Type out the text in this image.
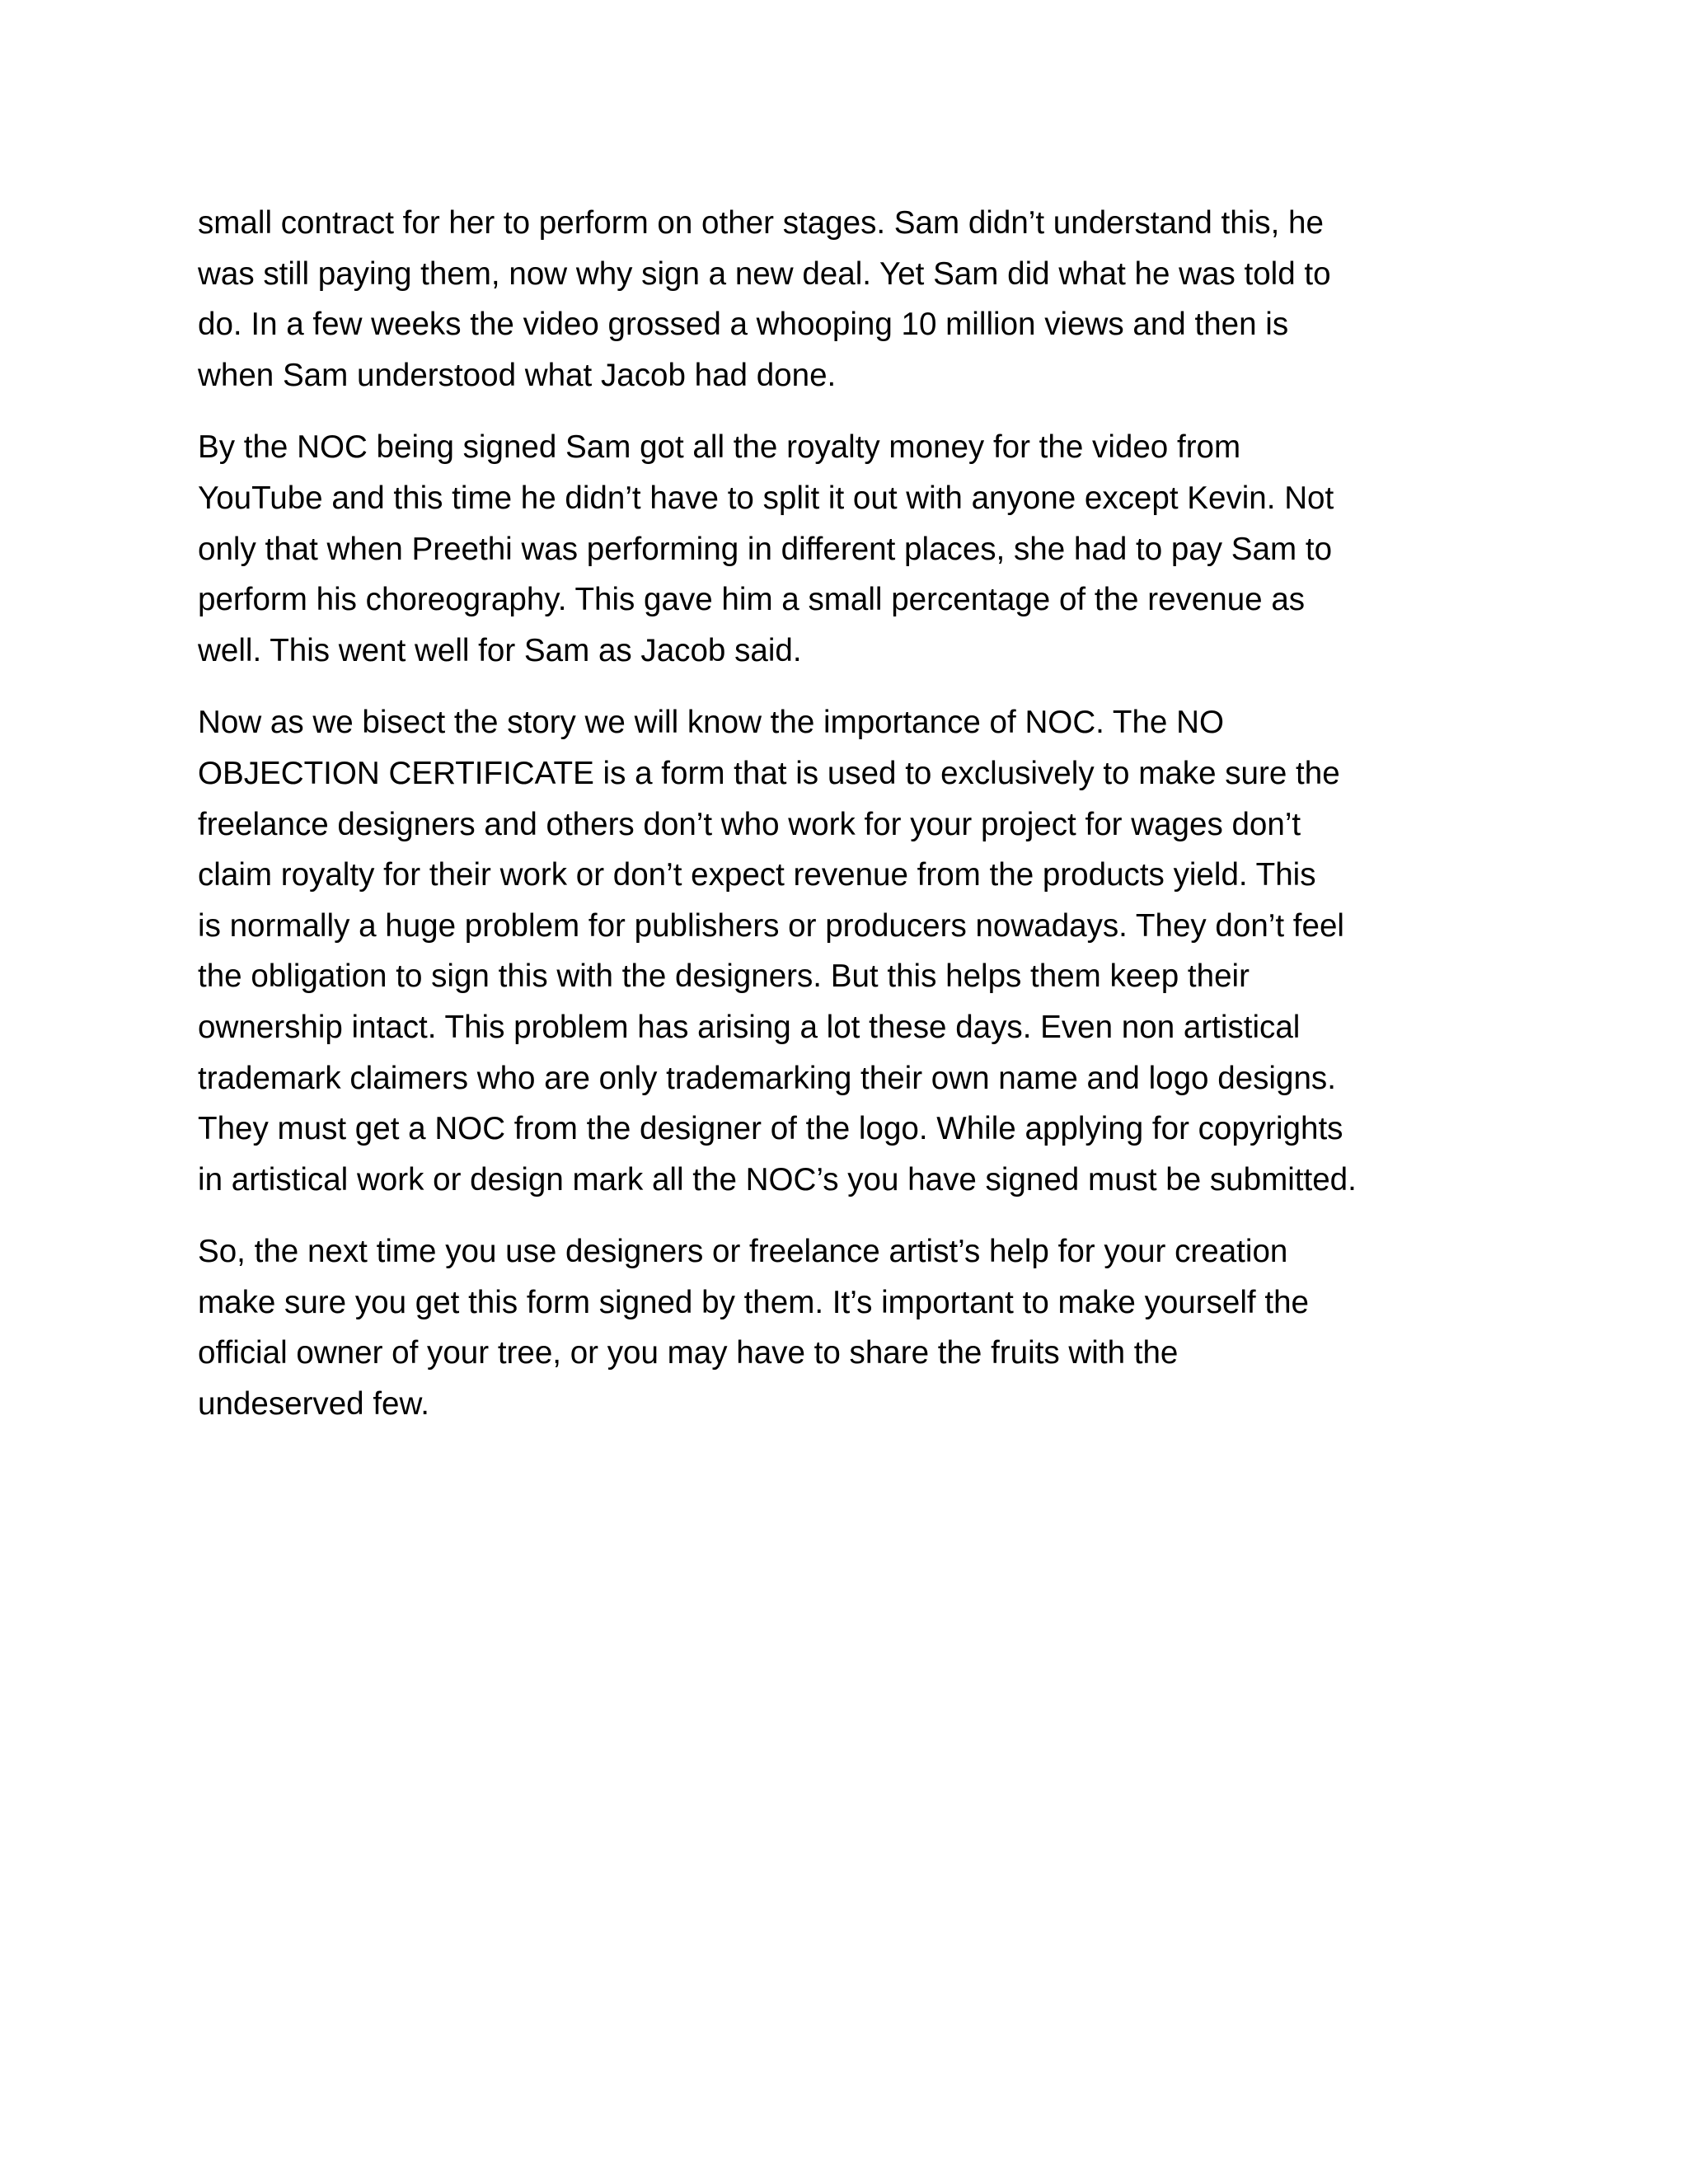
small contract for her to perform on other stages. Sam didn’t understand this, he
was still paying them, now why sign a new deal. Yet Sam did what he was told to
do. In a few weeks the video grossed a whooping 10 million views and then is
when Sam understood what Jacob had done.

By the NOC being signed Sam got all the royalty money for the video from
YouTube and this time he didn’t have to split it out with anyone except Kevin. Not
only that when Preethi was performing in different places, she had to pay Sam to
perform his choreography. This gave him a small percentage of the revenue as
well. This went well for Sam as Jacob said.

Now as we bisect the story we will know the importance of NOC. The NO
OBJECTION CERTIFICATE is a form that is used to exclusively to make sure the
freelance designers and others don’t who work for your project for wages don’t
claim royalty for their work or don’t expect revenue from the products yield. This
is normally a huge problem for publishers or producers nowadays. They don’t feel
the obligation to sign this with the designers. But this helps them keep their
ownership intact. This problem has arising a lot these days. Even non artistical
trademark claimers who are only trademarking their own name and logo designs.
They must get a NOC from the designer of the logo. While applying for copyrights
in artistical work or design mark all the NOC’s you have signed must be submitted.

So, the next time you use designers or freelance artist’s help for your creation
make sure you get this form signed by them. It’s important to make yourself the
official owner of your tree, or you may have to share the fruits with the
undeserved few.
